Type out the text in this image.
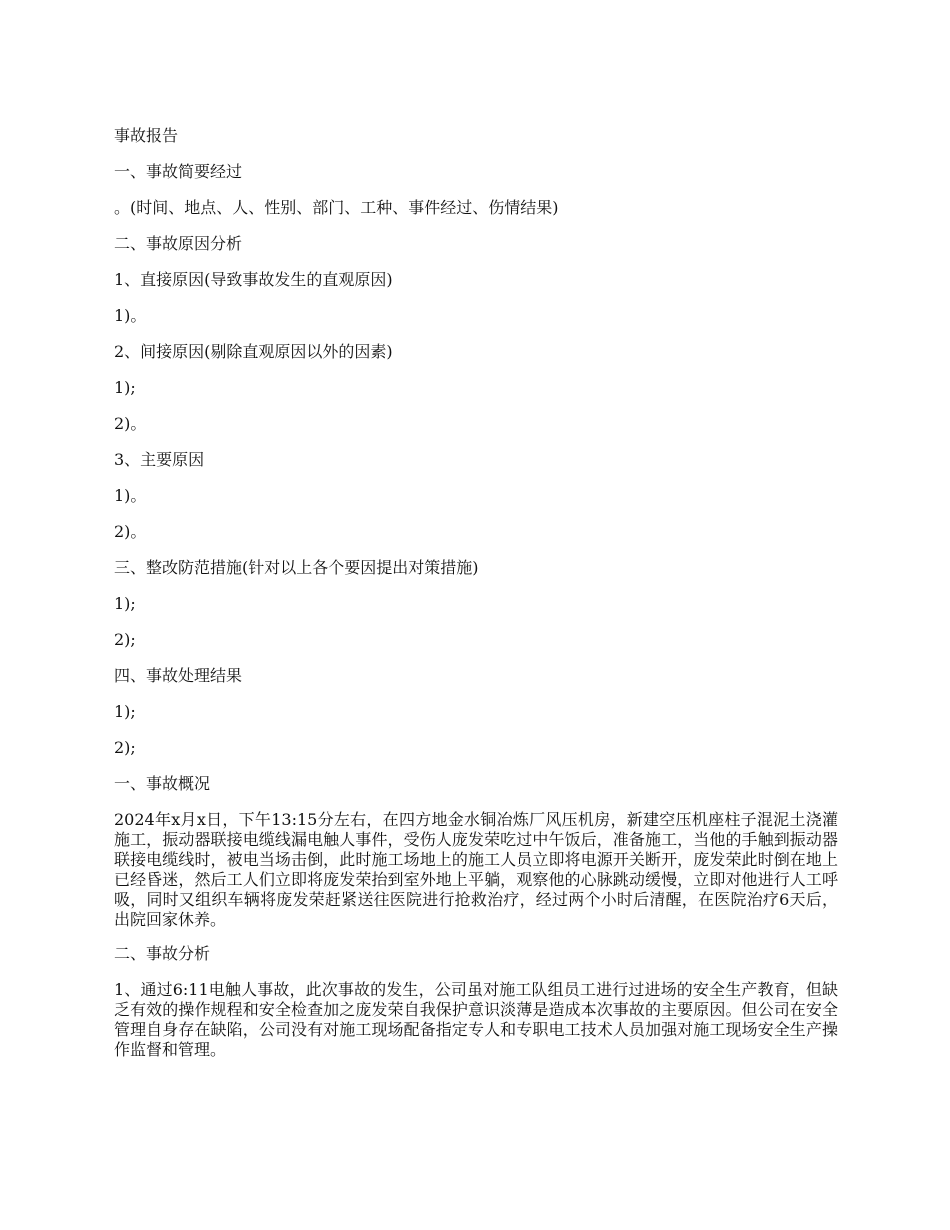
事故报告
一、事故简要经过
。(时间、地点、人、性别、部门、工种、事件经过、伤情结果)
二、事故原因分析
1、直接原因(导致事故发生的直观原因)
1)。
2、间接原因(剔除直观原因以外的因素)
1);
2)。
3、主要原因
1)。
2)。
三、整改防范措施(针对以上各个要因提出对策措施)
1);
2);
四、事故处理结果
1);
2);
一、事故概况
2024年x月x日，下午13:15分左右，在四方地金水铜冶炼厂风压机房，新建空压机座柱子混泥土浇灌施工，振动器联接电缆线漏电触人事件，受伤人庞发荣吃过中午饭后，准备施工，当他的手触到振动器联接电缆线时，被电当场击倒，此时施工场地上的施工人员立即将电源开关断开，庞发荣此时倒在地上已经昏迷，然后工人们立即将庞发荣抬到室外地上平躺，观察他的心脉跳动缓慢，立即对他进行人工呼吸，同时又组织车辆将庞发荣赶紧送往医院进行抢救治疗，经过两个小时后清醒，在医院治疗6天后，出院回家休养。
二、事故分析
1、通过6:11电触人事故，此次事故的发生，公司虽对施工队组员工进行过进场的安全生产教育，但缺乏有效的操作规程和安全检查加之庞发荣自我保护意识淡薄是造成本次事故的主要原因。但公司在安全管理自身存在缺陷，公司没有对施工现场配备指定专人和专职电工技术人员加强对施工现场安全生产操作监督和管理。
